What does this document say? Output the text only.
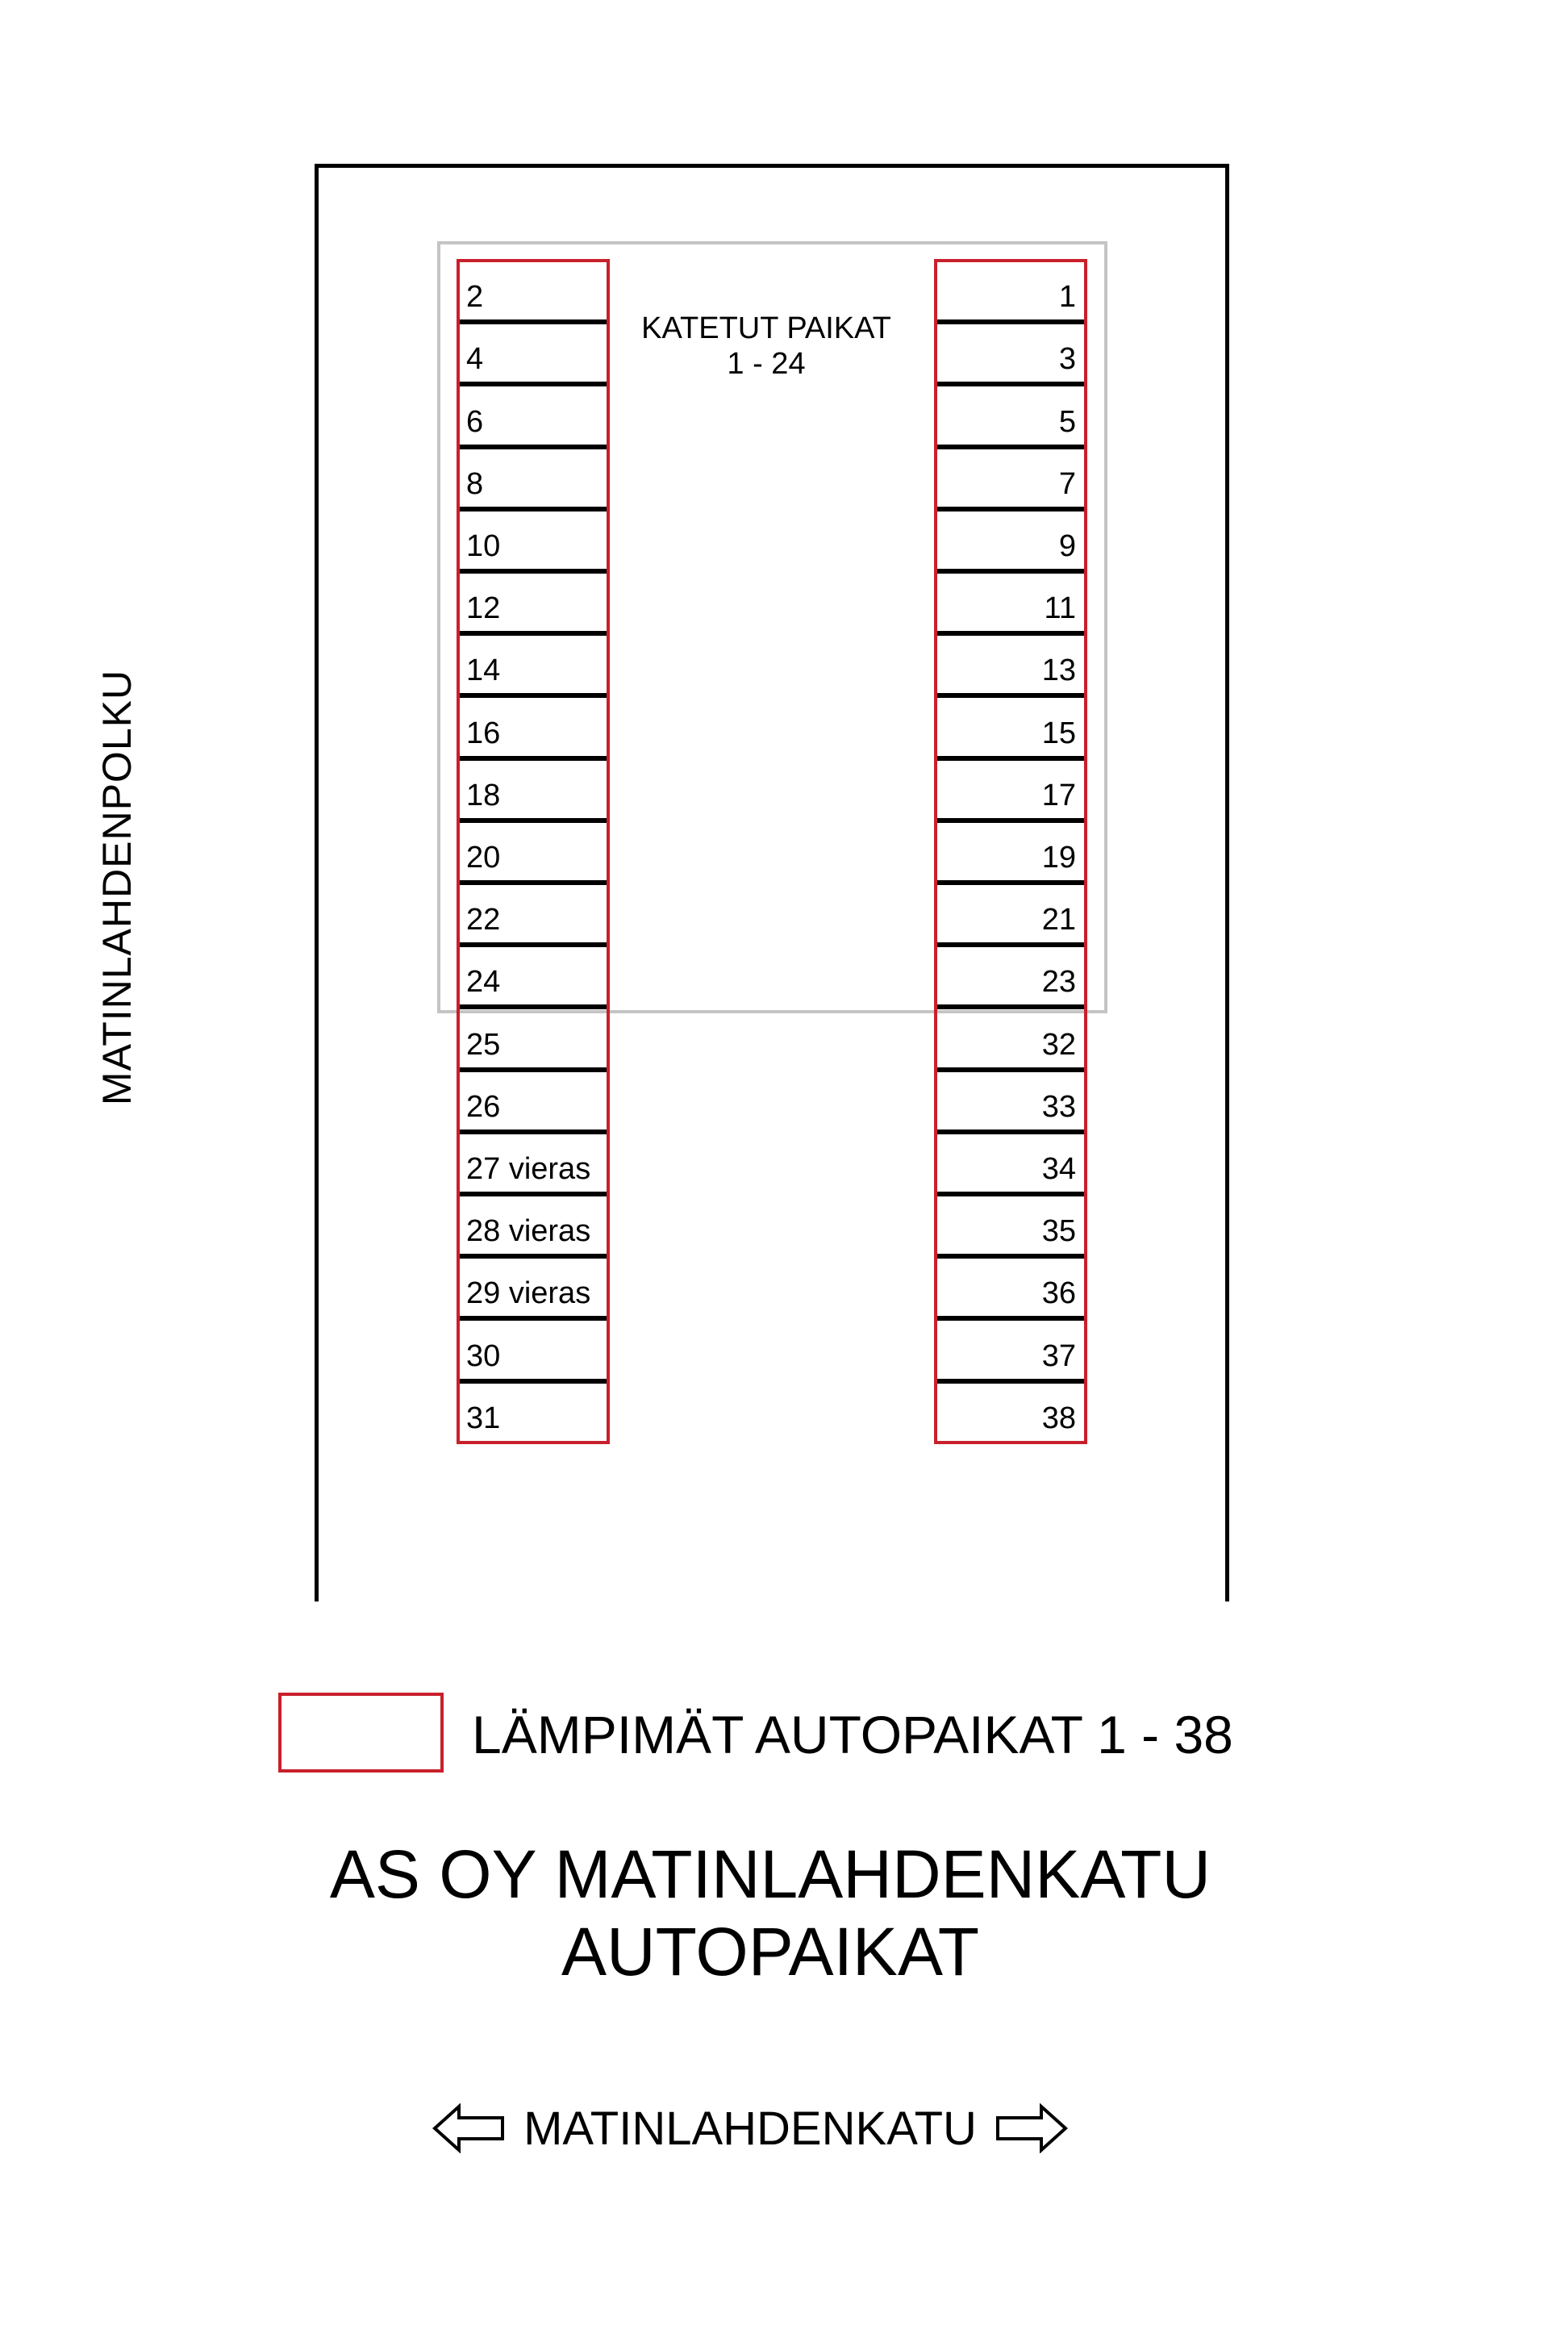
KATETUT PAIKAT
1 - 24
2
4
6
8
10
12
14
16
18
20
22
24
25
26
27 vieras
28 vieras
29 vieras
30
31
1
3
5
7
9
11
13
15
17
19
21
23
32
33
34
35
36
37
38
MATINLAHDENPOLKU
LÄMPIMÄT AUTOPAIKAT 1 - 38
AS OY MATINLAHDENKATU
AUTOPAIKAT
MATINLAHDENKATU
